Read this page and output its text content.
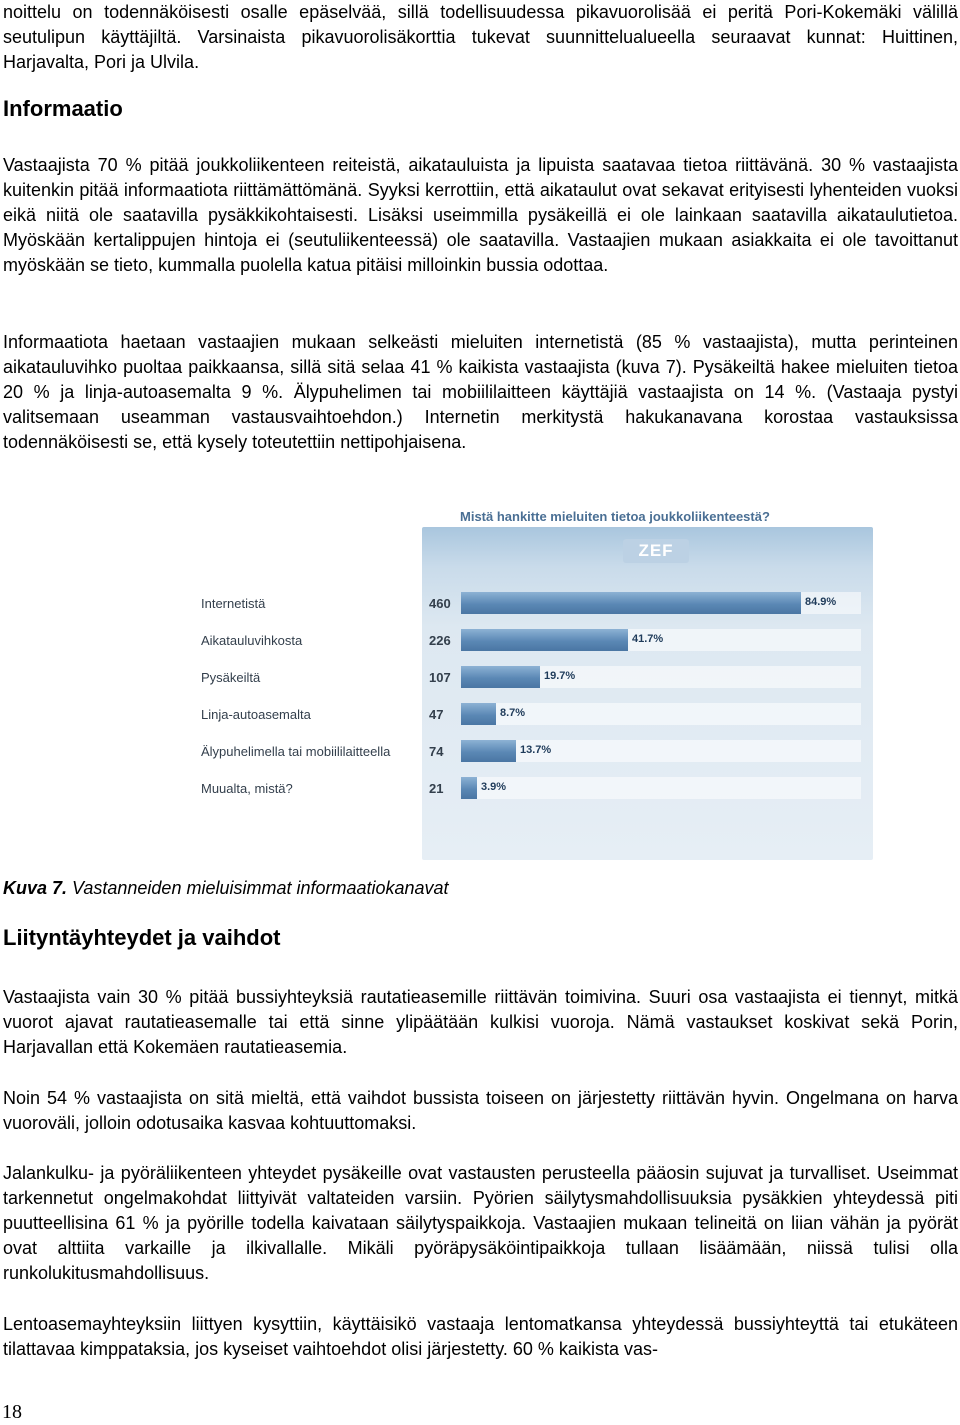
noittelu on todennäköisesti osalle epäselvää, sillä todellisuudessa pikavuorolisää ei peritä Pori-Kokemäki välillä seutulipun käyttäjiltä. Varsinaista pikavuorolisäkorttia tukevat suunnittelualueella seuraavat kunnat: Huittinen, Harjavalta, Pori ja Ulvila.

Informaatio

Vastaajista 70 % pitää joukkoliikenteen reiteistä, aikatauluista ja lipuista saatavaa tietoa riittävänä. 30 % vastaajista kuitenkin pitää informaatiota riittämättömänä. Syyksi kerrottiin, että aikataulut ovat sekavat erityisesti lyhenteiden vuoksi eikä niitä ole saatavilla pysäkkikohtaisesti. Lisäksi useimmilla pysäkeillä ei ole lainkaan saatavilla aikataulutietoa. Myöskään kertalippujen hintoja ei (seutuliikenteessä) ole saatavilla. Vastaajien mukaan asiakkaita ei ole tavoittanut myöskään se tieto, kummalla puolella katua pitäisi milloinkin bussia odottaa.

Informaatiota haetaan vastaajien mukaan selkeästi mieluiten internetistä (85 % vastaajista), mutta perinteinen aikatauluvihko puoltaa paikkaansa, sillä sitä selaa 41 % kaikista vastaajista (kuva 7). Pysäkeiltä hakee mieluiten tietoa 20 % ja linja-autoasemalta 9 %. Älypuhelimen tai mobiililaitteen käyttäjiä vastaajista on 14 %. (Vastaaja pystyi valitsemaan useamman vastausvaihtoehdon.) Internetin merkitystä hakukanavana korostaa vastauksissa todennäköisesti se, että kysely toteutettiin nettipohjaisena.

Mistä hankitte mieluiten tietoa joukkoliikenteestä?
ZEF
Internetistä	460	84.9%
Aikatauluvihkosta	226	41.7%
Pysäkeiltä	107	19.7%
Linja-autoasemalta	47	8.7%
Älypuhelimella tai mobiililaitteella	74	13.7%
Muualta, mistä?	21	3.9%

Kuva 7. Vastanneiden mieluisimmat informaatiokanavat

Liityntäyhteydet ja vaihdot

Vastaajista vain 30 % pitää bussiyhteyksiä rautatieasemille riittävän toimivina. Suuri osa vastaajista ei tiennyt, mitkä vuorot ajavat rautatieasemalle tai että sinne ylipäätään kulkisi vuoroja. Nämä vastaukset koskivat sekä Porin, Harjavallan että Kokemäen rautatieasemia.

Noin 54 % vastaajista on sitä mieltä, että vaihdot bussista toiseen on järjestetty riittävän hyvin. Ongelmana on harva vuoroväli, jolloin odotusaika kasvaa kohtuuttomaksi.

Jalankulku- ja pyöräliikenteen yhteydet pysäkeille ovat vastausten perusteella pääosin sujuvat ja turvalliset. Useimmat tarkennetut ongelmakohdat liittyivät valtateiden varsiin. Pyörien säilytysmahdollisuuksia pysäkkien yhteydessä piti puutteellisina 61 % ja pyörille todella kaivataan säilytyspaikkoja. Vastaajien mukaan telineitä on liian vähän ja pyörät ovat alttiita varkaille ja ilkivallalle. Mikäli pyöräpysäköintipaikkoja tullaan lisäämään, niissä tulisi olla runkolukitusmahdollisuus.

Lentoasemayhteyksiin liittyen kysyttiin, käyttäisikö vastaaja lentomatkansa yhteydessä bussiyhteyttä tai etukäteen tilattavaa kimppataksia, jos kyseiset vaihtoehdot olisi järjestetty. 60 % kaikista vas-

18
